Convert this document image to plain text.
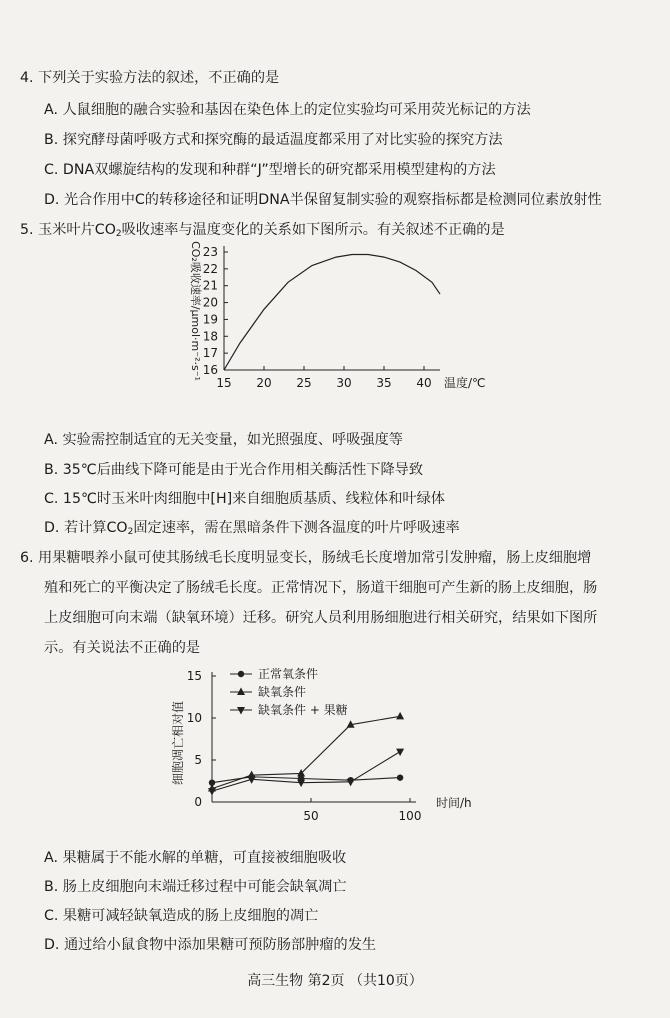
4. 下列关于实验方法的叙述，不正确的是
A. 人鼠细胞的融合实验和基因在染色体上的定位实验均可采用荧光标记的方法
B. 探究酵母菌呼吸方式和探究酶的最适温度都采用了对比实验的探究方法
C. DNA双螺旋结构的发现和种群“J”型增长的研究都采用模型建构的方法
D. 光合作用中C的转移途径和证明DNA半保留复制实验的观察指标都是检测同位素放射性
5. 玉米叶片$CO_2$吸收速率与温度变化的关系如下图所示。有关叙述不正确的是
16
17
18
19
20
21
22
23
15 20 25 30 35 40 温度/℃
CO₂吸收速率/μmol·m⁻²·s⁻¹
A. 实验需控制适宜的无关变量，如光照强度、呼吸强度等
B. 35℃后曲线下降可能是由于光合作用相关酶活性下降导致
C. 15℃时玉米叶肉细胞中[H]来自细胞质基质、线粒体和叶绿体
D. 若计算$CO_2$固定速率，需在黑暗条件下测各温度的叶片呼吸速率
6. 用果糖喂养小鼠可使其肠绒毛长度明显变长，肠绒毛长度增加常引发肿瘤，肠上皮细胞增
殖和死亡的平衡决定了肠绒毛长度。正常情况下，肠道干细胞可产生新的肠上皮细胞，肠
上皮细胞可向末端（缺氧环境）迁移。研究人员利用肠细胞进行相关研究，结果如下图所
示。有关说法不正确的是
0
5
10
15
50	100
时间/h
细胞凋亡相对值
正常氧条件
缺氧条件
缺氧条件 + 果糖
A. 果糖属于不能水解的单糖，可直接被细胞吸收
B. 肠上皮细胞向末端迁移过程中可能会缺氧凋亡
C. 果糖可减轻缺氧造成的肠上皮细胞的凋亡
D. 通过给小鼠食物中添加果糖可预防肠部肿瘤的发生
高三生物 第2页 （共10页）
